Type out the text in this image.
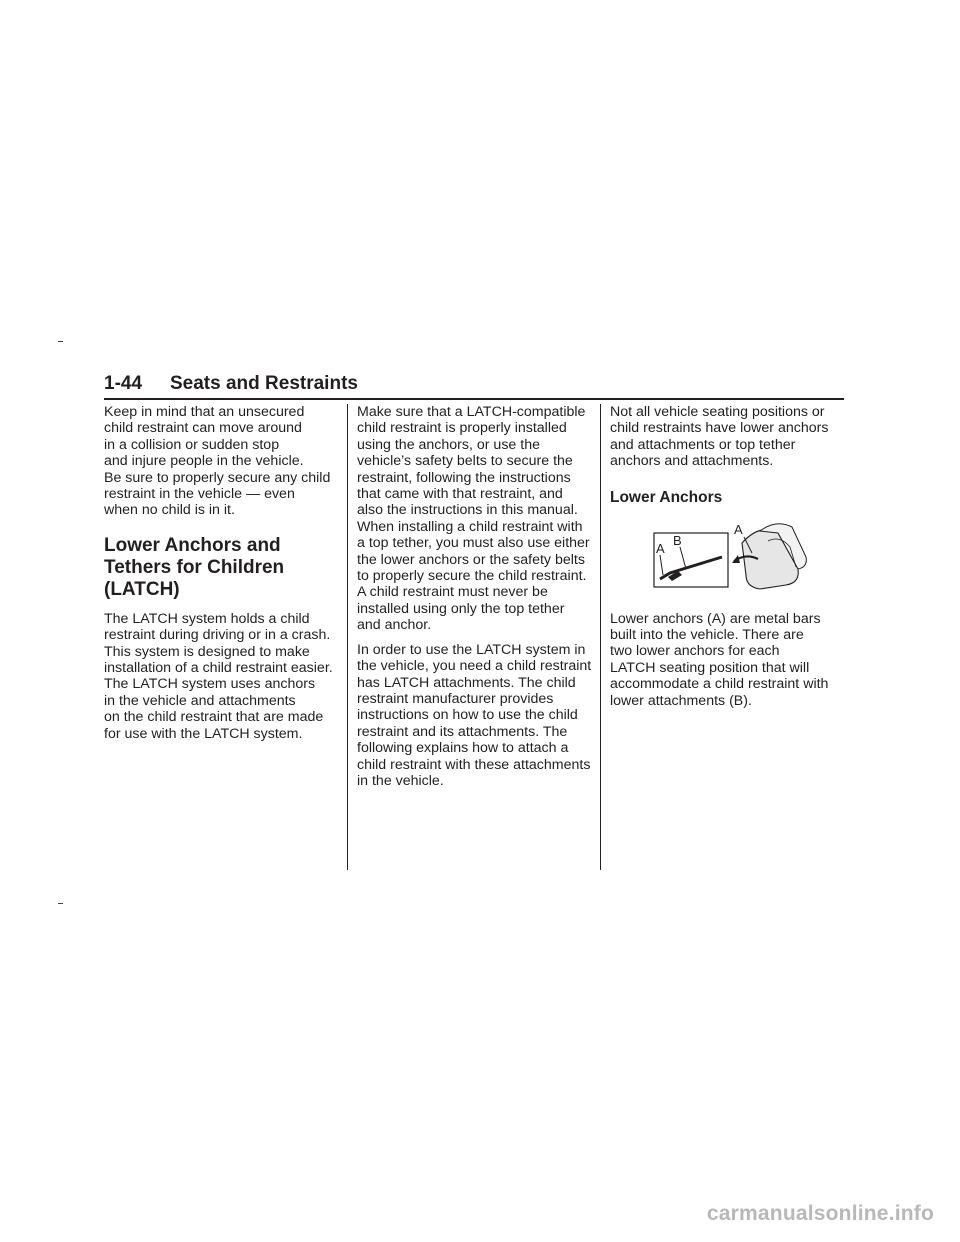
1-44 Seats and Restraints

Keep in mind that an unsecured
child restraint can move around
in a collision or sudden stop
and injure people in the vehicle.
Be sure to properly secure any child
restraint in the vehicle — even
when no child is in it.

Lower Anchors and
Tethers for Children
(LATCH)

The LATCH system holds a child
restraint during driving or in a crash.
This system is designed to make
installation of a child restraint easier.
The LATCH system uses anchors
in the vehicle and attachments
on the child restraint that are made
for use with the LATCH system.

Make sure that a LATCH-compatible
child restraint is properly installed
using the anchors, or use the
vehicle’s safety belts to secure the
restraint, following the instructions
that came with that restraint, and
also the instructions in this manual.
When installing a child restraint with
a top tether, you must also use either
the lower anchors or the safety belts
to properly secure the child restraint.
A child restraint must never be
installed using only the top tether
and anchor.

In order to use the LATCH system in
the vehicle, you need a child restraint
has LATCH attachments. The child
restraint manufacturer provides
instructions on how to use the child
restraint and its attachments. The
following explains how to attach a
child restraint with these attachments
in the vehicle.

Not all vehicle seating positions or
child restraints have lower anchors
and attachments or top tether
anchors and attachments.

Lower Anchors
A
B
A

Lower anchors (A) are metal bars
built into the vehicle. There are
two lower anchors for each
LATCH seating position that will
accommodate a child restraint with
lower attachments (B).

carmanualsonline.info
